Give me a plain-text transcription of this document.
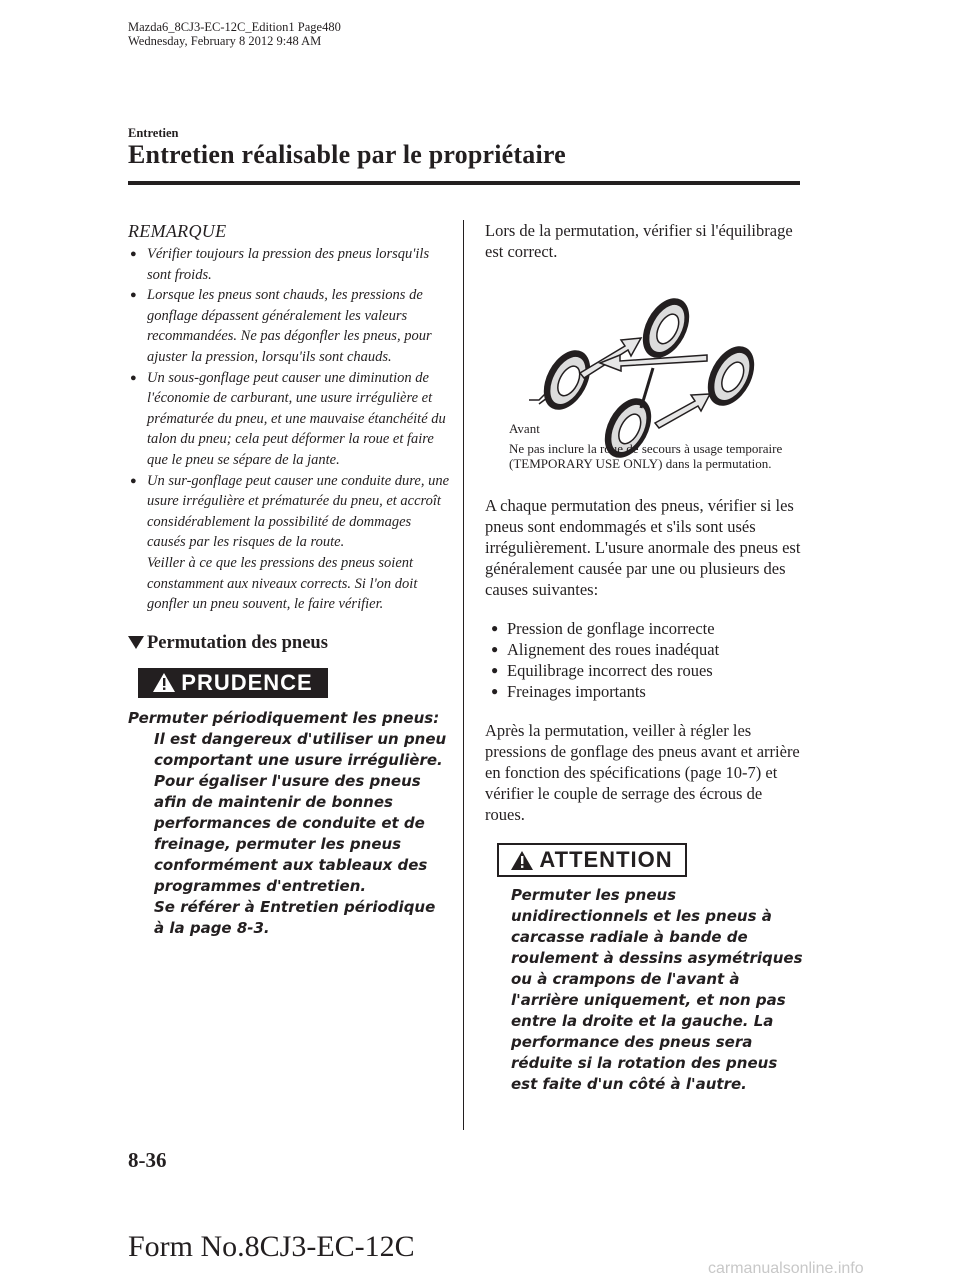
Mazda6_8CJ3-EC-12C_Edition1 Page480
Wednesday, February 8 2012 9:48 AM
Entretien
Entretien réalisable par le propriétaire
REMARQUE
● Vérifier toujours la pression des pneus lorsqu'ils sont froids.
● Lorsque les pneus sont chauds, les pressions de gonflage dépassent généralement les valeurs recommandées. Ne pas dégonfler les pneus, pour ajuster la pression, lorsqu'ils sont chauds.
● Un sous-gonflage peut causer une diminution de l'économie de carburant, une usure irrégulière et prématurée du pneu, et une mauvaise étanchéité du talon du pneu; cela peut déformer la roue et faire que le pneu se sépare de la jante.
● Un sur-gonflage peut causer une conduite dure, une usure irrégulière et prématurée du pneu, et accroît considérablement la possibilité de dommages causés par les risques de la route.
Veiller à ce que les pressions des pneus soient constamment aux niveaux corrects. Si l'on doit gonfler un pneu souvent, le faire vérifier.
Permutation des pneus
PRUDENCE
Permuter périodiquement les pneus:
Il est dangereux d'utiliser un pneu comportant une usure irrégulière. Pour égaliser l'usure des pneus afin de maintenir de bonnes performances de conduite et de freinage, permuter les pneus conformément aux tableaux des programmes d'entretien.
Se référer à Entretien périodique à la page 8-3.
Lors de la permutation, vérifier si l'équilibrage est correct.
Avant
Ne pas inclure la roue de secours à usage temporaire (TEMPORARY USE ONLY) dans la permutation.
A chaque permutation des pneus, vérifier si les pneus sont endommagés et s'ils sont usés irrégulièrement. L'usure anormale des pneus est généralement causée par une ou plusieurs des causes suivantes:
● Pression de gonflage incorrecte
● Alignement des roues inadéquat
● Equilibrage incorrect des roues
● Freinages importants
Après la permutation, veiller à régler les pressions de gonflage des pneus avant et arrière en fonction des spécifications (page 10-7) et vérifier le couple de serrage des écrous de roues.
ATTENTION
Permuter les pneus unidirectionnels et les pneus à carcasse radiale à bande de roulement à dessins asymétriques ou à crampons de l'avant à l'arrière uniquement, et non pas entre la droite et la gauche. La performance des pneus sera réduite si la rotation des pneus est faite d'un côté à l'autre.
8-36
Form No.8CJ3-EC-12C
carmanualsonline.info
